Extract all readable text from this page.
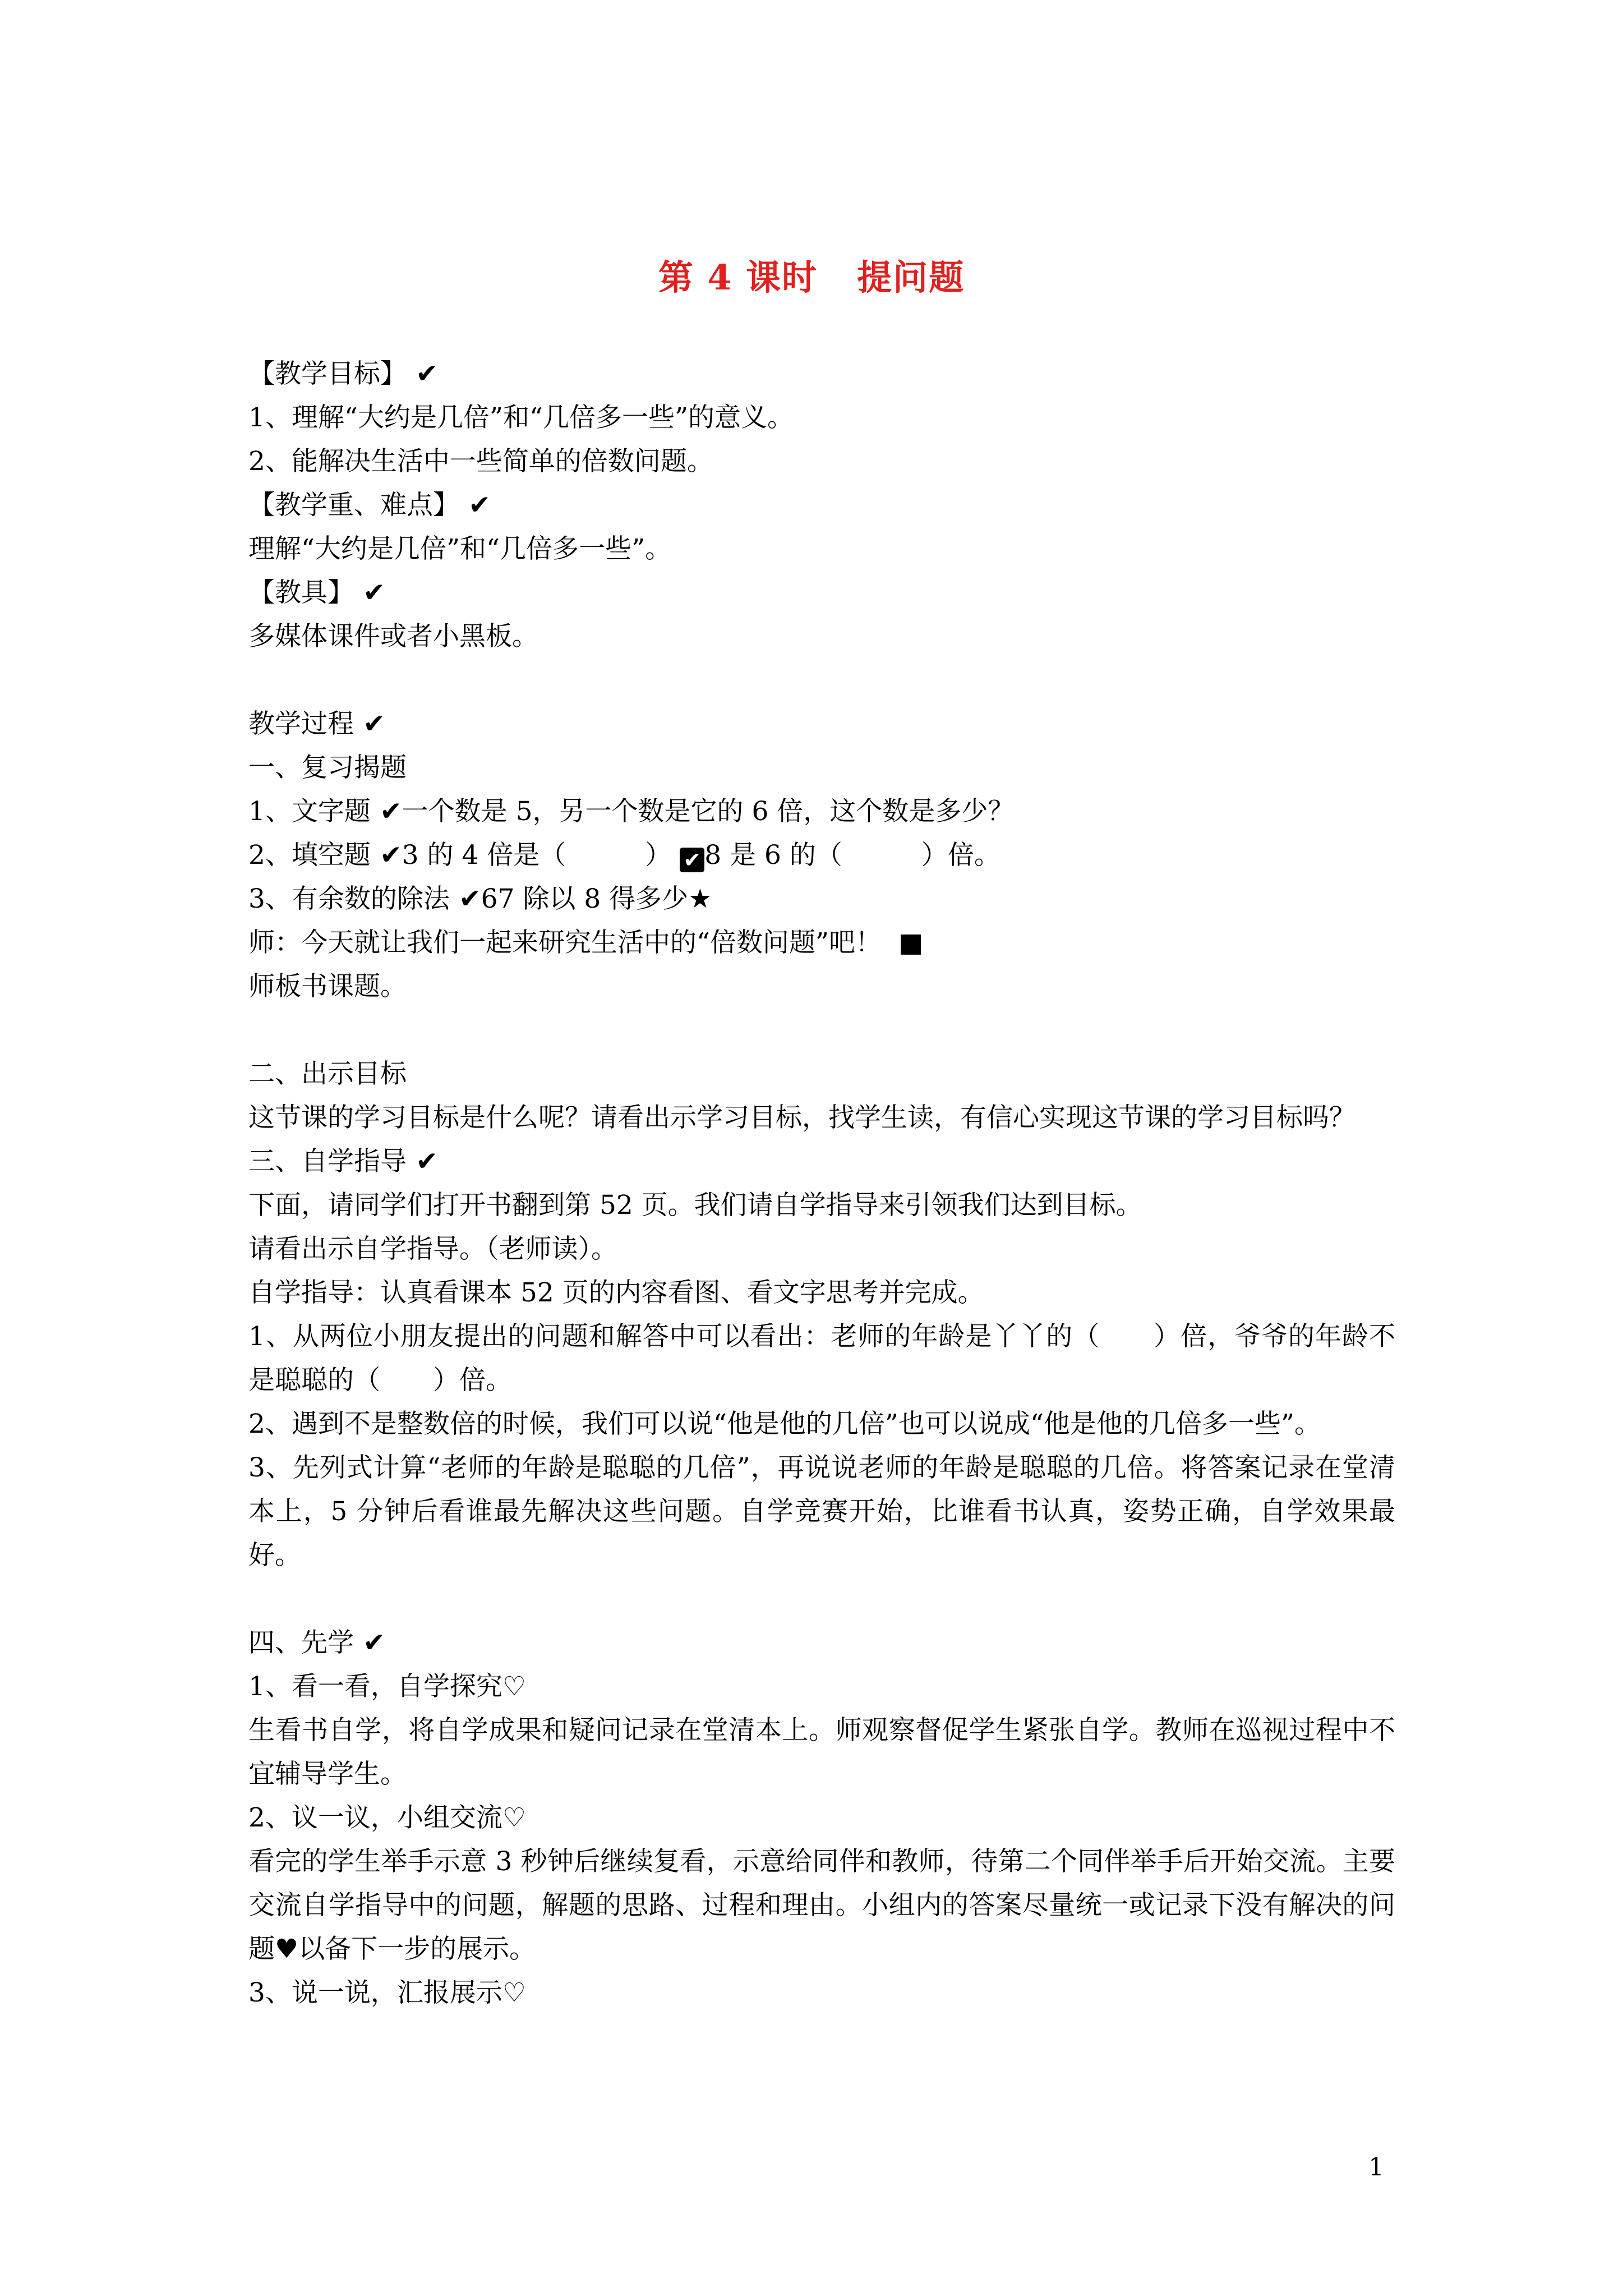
第 4 课时 提问题
【教学目标】 ✔
1、理解“大约是几倍”和“几倍多一些”的意义。
2、能解决生活中一些简单的倍数问题。
【教学重、难点】 ✔
理解“大约是几倍”和“几倍多一些”。
【教具】 ✔
多媒体课件或者小黑板。
教学过程 ✔
一、复习揭题
1、文字题 ✔一个数是 5，另一个数是它的 6 倍，这个数是多少？
2、填空题 ✔3 的 4 倍是（　　　） ✔ 8 是 6 的（　　　）倍。
3、有余数的除法 ✔67 除以 8 得多少★
师：今天就让我们一起来研究生活中的“倍数问题”吧！  ■
师板书课题。
二、出示目标
这节课的学习目标是什么呢？请看出示学习目标，找学生读，有信心实现这节课的学习目标吗？
三、自学指导 ✔
下面，请同学们打开书翻到第 52 页。我们请自学指导来引领我们达到目标。
请看出示自学指导。（老师读）。
自学指导：认真看课本 52 页的内容看图、看文字思考并完成。
1、从两位小朋友提出的问题和解答中可以看出：老师的年龄是丫丫的（　　）倍，爷爷的年龄不是聪聪的（　　）倍。
2、遇到不是整数倍的时候，我们可以说“他是他的几倍”也可以说成“他是他的几倍多一些”。
3、先列式计算“老师的年龄是聪聪的几倍”，再说说老师的年龄是聪聪的几倍。将答案记录在堂清本上，5 分钟后看谁最先解决这些问题。自学竞赛开始，比谁看书认真，姿势正确，自学效果最好。
四、先学 ✔
1、看一看，自学探究♡
生看书自学，将自学成果和疑问记录在堂清本上。师观察督促学生紧张自学。教师在巡视过程中不宜辅导学生。
2、议一议，小组交流♡
看完的学生举手示意 3 秒钟后继续复看，示意给同伴和教师，待第二个同伴举手后开始交流。主要交流自学指导中的问题，解题的思路、过程和理由。小组内的答案尽量统一或记录下没有解决的问题♥以备下一步的展示。
3、说一说，汇报展示♡
1
